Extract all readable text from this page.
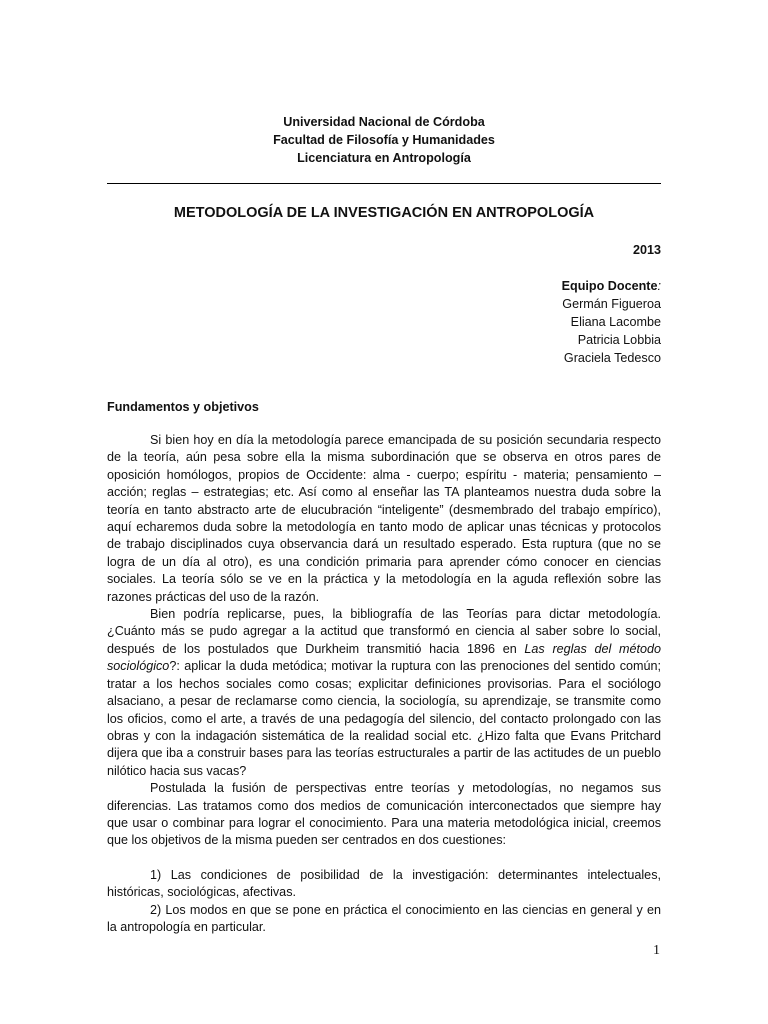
Universidad Nacional de Córdoba
Facultad de Filosofía y Humanidades
Licenciatura en Antropología
METODOLOGÍA DE LA INVESTIGACIÓN EN ANTROPOLOGÍA
2013
Equipo Docente:
Germán Figueroa
Eliana Lacombe
Patricia Lobbia
Graciela Tedesco
Fundamentos y objetivos

Si bien hoy en día la metodología parece emancipada de su posición secundaria respecto de la teoría, aún pesa sobre ella la misma subordinación que se observa en otros pares de oposición homólogos, propios de Occidente: alma - cuerpo; espíritu - materia; pensamiento – acción; reglas – estrategias; etc. Así como al enseñar las TA planteamos nuestra duda sobre la teoría en tanto abstracto arte de elucubración “inteligente” (desmembrado del trabajo empírico), aquí echaremos duda sobre la metodología en tanto modo de aplicar unas técnicas y protocolos de trabajo disciplinados cuya observancia dará un resultado esperado. Esta ruptura (que no se logra de un día al otro), es una condición primaria para aprender cómo conocer en ciencias sociales. La teoría sólo se ve en la práctica y la metodología en la aguda reflexión sobre las razones prácticas del uso de la razón.

Bien podría replicarse, pues, la bibliografía de las Teorías para dictar metodología. ¿Cuánto más se pudo agregar a la actitud que transformó en ciencia al saber sobre lo social, después de los postulados que Durkheim transmitió hacia 1896 en Las reglas del método sociológico?: aplicar la duda metódica; motivar la ruptura con las prenociones del sentido común; tratar a los hechos sociales como cosas; explicitar definiciones provisorias. Para el sociólogo alsaciano, a pesar de reclamarse como ciencia, la sociología, su aprendizaje, se transmite como los oficios, como el arte, a través de una pedagogía del silencio, del contacto prolongado con las obras y con la indagación sistemática de la realidad social etc. ¿Hizo falta que Evans Pritchard dijera que iba a construir bases para las teorías estructurales a partir de las actitudes de un pueblo nilótico hacia sus vacas?

Postulada la fusión de perspectivas entre teorías y metodologías, no negamos sus diferencias. Las tratamos como dos medios de comunicación interconectados que siempre hay que usar o combinar para lograr el conocimiento. Para una materia metodológica inicial, creemos que los objetivos de la misma pueden ser centrados en dos cuestiones:

1) Las condiciones de posibilidad de la investigación: determinantes intelectuales, históricas, sociológicas, afectivas.

2) Los modos en que se pone en práctica el conocimiento en las ciencias en general y en la antropología en particular.

1
